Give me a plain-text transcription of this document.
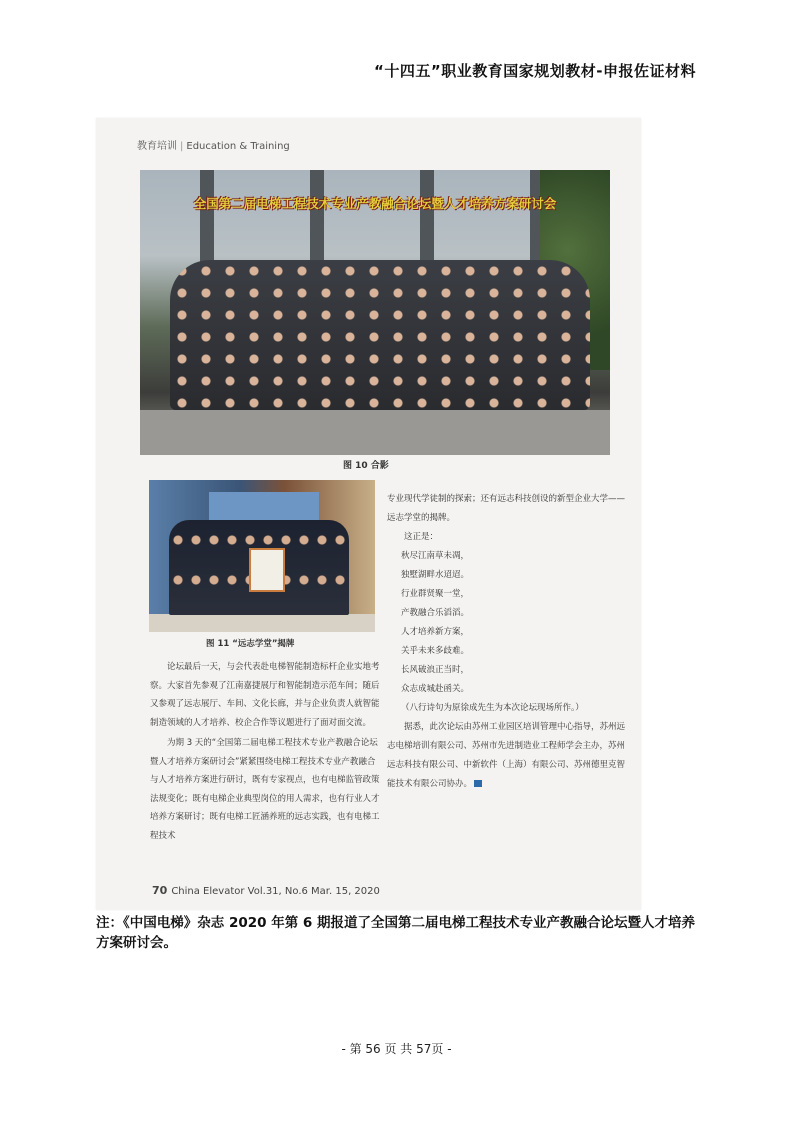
“十四五”职业教育国家规划教材-申报佐证材料
教育培训 | Education & Training
全国第二届电梯工程技术专业产教融合论坛暨人才培养方案研讨会
图 10 合影
图 11 “远志学堂”揭牌

论坛最后一天，与会代表赴电梯智能制造标杆企业实地考察。大家首先参观了江南嘉捷展厅和智能制造示范车间；随后又参观了远志展厅、车间、文化长廊，并与企业负责人就智能制造领域的人才培养、校企合作等议题进行了面对面交流。

为期 3 天的“全国第二届电梯工程技术专业产教融合论坛暨人才培养方案研讨会”紧紧围绕电梯工程技术专业产教融合与人才培养方案进行研讨，既有专家视点，也有电梯监管政策法规变化；既有电梯企业典型岗位的用人需求，也有行业人才培养方案研讨；既有电梯工匠涵养班的远志实践，也有电梯工程技术

专业现代学徒制的探索；还有远志科技创设的新型企业大学——远志学堂的揭牌。

这正是：

秋尽江南草未凋，

独墅湖畔水迢迢。

行业群贤聚一堂，

产教融合乐滔滔。

人才培养新方案，

关乎未来多歧难。

长风破浪正当时，

众志成城赴函关。

（八行诗句为原徐成先生为本次论坛现场所作。）

据悉，此次论坛由苏州工业园区培训管理中心指导，苏州远志电梯培训有限公司、苏州市先进制造业工程师学会主办，苏州远志科技有限公司、中新软件（上海）有限公司、苏州德里克智能技术有限公司协办。

70 China Elevator Vol.31, No.6 Mar. 15, 2020
注：《中国电梯》杂志 2020 年第 6 期报道了全国第二届电梯工程技术专业产教融合论坛暨人才培养方案研讨会。
- 第 56 页 共 57页 -
